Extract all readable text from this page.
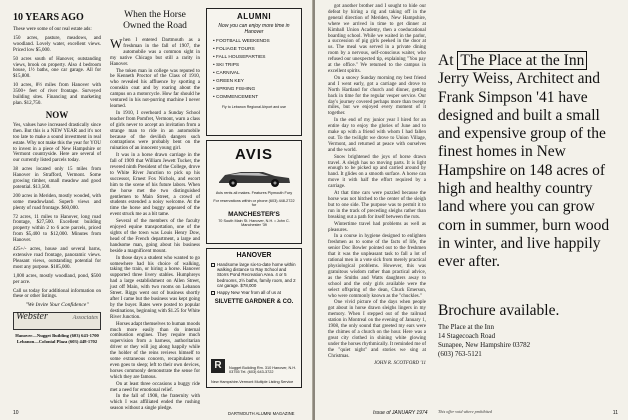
10 YEARS AGO

These were some of our real estate ads:

150 acres, pasture, meadows, and woodland. Lovely water, excellent views. Priced low $5,000.

50 acres south of Hanover, outstanding views, brook on property. Also 4 bedroom house, 1½ baths, one car garage. All for $15,800.

10 acres, 8½ miles from Hanover with 3500+ feet of river frontage. Surveyed building sites. Financing and marketing plan. $12,750.

NOW

Yes, values have increased drastically since then. But this is a NEW YEAR and it's not too late to make a sound investment in real estate. Why not make this the year for YOU to invest in a piece of New Hampshire or Vermont countryside. Here are several of our currently listed parcels today.

38 acres located only 15 miles from Hanover in Strafford, Vermont. Some growing timber, small meadow and good potential. $13,500.

200 acres in Meriden, mostly wooded, with some meadowland. Superb views and plenty of road frontage. $60,000.

72 acres, 11 miles to Hanover, long road frontage, $27,500. Excellent building property within 2 to 6 acre parcels, priced from $5,400 to $12,000. Minutes from Hanover.

425+/- acres, house and several barns, extensive road frontage, panoramic views. Pleasant views, outstanding potential for most any purpose. $185,000.

1,000 acres, mostly woodland, pond, $500 per acre.

Call us today for additional information on these or other listings.

"We Invite Your Confidence"
Webster	Associates
Hanover—Nugget Building (603) 643-1700 Lebanon—Colonial Plaza (603) 448-1702
When the Horse Owned the Road

When I entered Dartmouth as a freshman in the fall of 1907, the automobile was a common sight in my native Chicago but still a rarity in Hanover.

The token man in college was reputed to be Kenneth Proctor of the Class of 1910, who revealed his affluence by sporting a coonskin coat and by roaring about the campus on a motorcycle. How far should he ventured in his not-purring machine I never learned.

In 1910, I overheard a Sunday School teacher from Pomfret, Vermont, warn a class of girls never to accept an invitation from a strange man to ride in an automobile because of the devilish dangers such contraptions were probably bent on the ruination of an innocent young girl.

It was in a horse drawn carriage in the fall of 1909 that William Jewett Tucker, the revered ninth President of the College, drove to White River Junction to pick up his successor, Ernest Fox Nichols, and escort him to the scene of his future labors. When the horse met the two distinguished gentlemen to Main Street, a crowd of students extended a noisy welcome. At the time the horse and buggy appeared of the event struck me as a bit tame.

Several of the members of the faculty enjoyed equine transportation, one of the sights of the town was Louis Henry Dow, head of the French department, a large and handsome man, going about his business beside a magnificent mount.

In those days a student who wanted to go somewhere had his choice of walking, taking the train, or hiring a horse. Hanover supported three livery stables. Humphreys had a large establishment on Allen Street, just off Main, with two rooms on Lebanon Street. Riggs went out of business shortly after I came but the business was kept going by the buyer. Rates were posted to popular destinations, beginning with $1.25 for White River Junction.

Horses adapt themselves to human moods much more easily than do internal combustion engines. They require much supervision from a harness, authoritarian driver or they will jog along happily while the holder of the reins reviews himself to some extraneous concern, recapitulates or even goes to sleep; left to their own devices, horses commonly demonstrate the sense for which they are famous.

On at least three occasions a buggy ride met a need for emotional relief.

In the fall of 1908, the fraternity with which I was affiliated ended the rushing season without a single pledge.

ALUMNI
Now you can enjoy more time in Hanover
• FOOTBALL WEEKENDS
• FOLIAGE TOURS
• FALL HOUSEPARTIES
• SKI TRIPS
• CARNIVAL
• GREEN KEY
• SPRING FISHING
• COMMENCEMENT
Fly to Lebanon Regional Airport and use
AVIS
Avis rents all makes. Features Plymouth Fury
For reservations within or phone (603) 448-2722 for
MANCHESTER'S
70 South Main St. Hanover, N.H. • John C. Manchester '39
HANOVER
Handsome large six-to-date home within walking distance to Ray School and Storrs Pond Recreation Area. 4 or 5 bedrooms, 2½ baths, family room, and 2 car garage. $78,000
Happy New Year from all of us at
SILVETTE GARDNER & CO.
R	Nugget Building Rm. 310 Hanover, N.H. 03755 Tel. (603) 643-3722
New Hampshire-Vermont Multiple Listing Service
10	DARTMOUTH ALUMNI MAGAZINE

got another brother and I sought to hide our defeat by hiring a rig and taking off in the general direction of Meriden, New Hampshire, where we arrived in time to get dinner at Kimball Union Academy, then a coeducational boarding school. While we waited in the parlor, a succession of pig girls peeked in the door at us. The meal was served in a private dining room by a nervous, self-conscious waiter, who refused our unexpected tip, explaining "You pay at the office." We returned to the campus in excellent spirits.

On a snowy Sunday morning my best friend and I went early, got a carriage and drove to North Hartland for church and dinner, getting back in time for the regular vesper service. Our day's journey covered perhaps more than twenty miles, but we enjoyed every moment of it together.

In the end of my junior year I hired for an entire day to enjoy the glories of June and to make up with a friend with whom I had fallen out. To the twilight we drove to Union Village, Vermont, and returned at peace with ourselves and the world.

Snow brightened the joys of horse drawn travel. A sleigh has no moving parts. It is light enough to be picked up and carried around by hand. It glides on a smooth surface. A horse can move it with half the effort required by a carriage.

At that time cars were puzzled because the horse was not hitched to the center of the sleigh but to one side. The purpose was to permit it to run in the track of preceding sleighs rather than breaking out a path for itself between the ruts.

Wintertime travel had problems as well as pleasures.

In a course in hygiene designed to enlighten freshmen as to some of the facts of life, the senior Doc Bowler pointed out to the freshmen that it was the unpleasant task to fall a lot of rational men in a vote sick from merely practical physiological problems. However, this was gratuitous wisdom rather than practical advice, as the Smiths and Watts daughters away to school and the only girls available were the select offspring of the dean, Chuck Emerson, who were commonly known as the "chuckles."

One vivid picture of the days when people got about in horse drawn sleighs lingers in my memory. When I stepped out of the railroad station in Montreal on the evening of January 1, 1908, the only sound that greeted my ears were the chimes of a church on the hour. Here was a great city clothed in shining white glowing under the horses rhythmically. It reminded me of the "quiet night" and stories we sing at Christmas.

JOHN R. SCOTFORD '11
At The Place at the Inn Jerry Weiss, Architect and Frank Simpson '41 have designed and built a small and expensive group of the finest homes in New Hampshire on 148 acres of high and healthy country land where you can grow corn in summer, burn wood in winter, and live happily ever after.
Brochure available.
The Place at the Inn
14 Stagecoach Road
Sunapee, New Hampshire 03782
(603) 763-5121
This offer void where prohibited
Issue of JANUARY 1974	11
